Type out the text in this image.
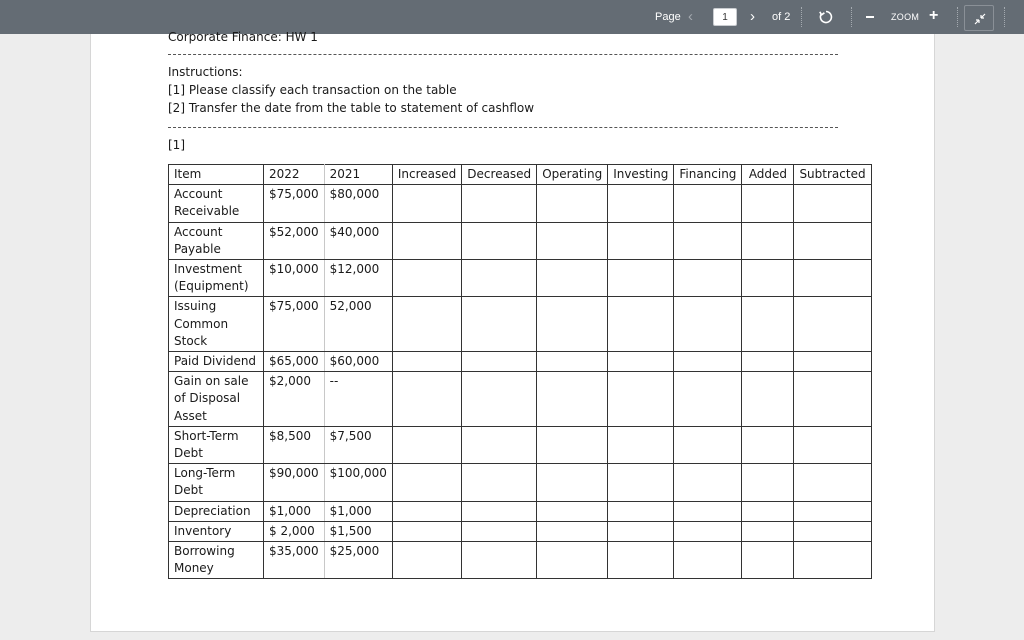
Page ‹
1	› of 2	ZOOM +
Corporate Finance: HW 1
Instructions:
[1] Please classify each transaction on the table
[2] Transfer the date from the table to statement of cashflow
[1]
Item	2022	2021	Increased	Decreased	Operating	Investing	Financing	Added	Subtracted
Account Receivable	$75,000	$80,000							
Account Payable	$52,000	$40,000							
Investment (Equipment)	$10,000	$12,000							
Issuing Common Stock	$75,000	52,000							
Paid Dividend	$65,000	$60,000							
Gain on sale of Disposal Asset	$2,000	--							
Short-Term Debt	$8,500	$7,500							
Long-Term Debt	$90,000	$100,000							
Depreciation	$1,000	$1,000							
Inventory	$ 2,000	$1,500							
Borrowing Money	$35,000	$25,000							
